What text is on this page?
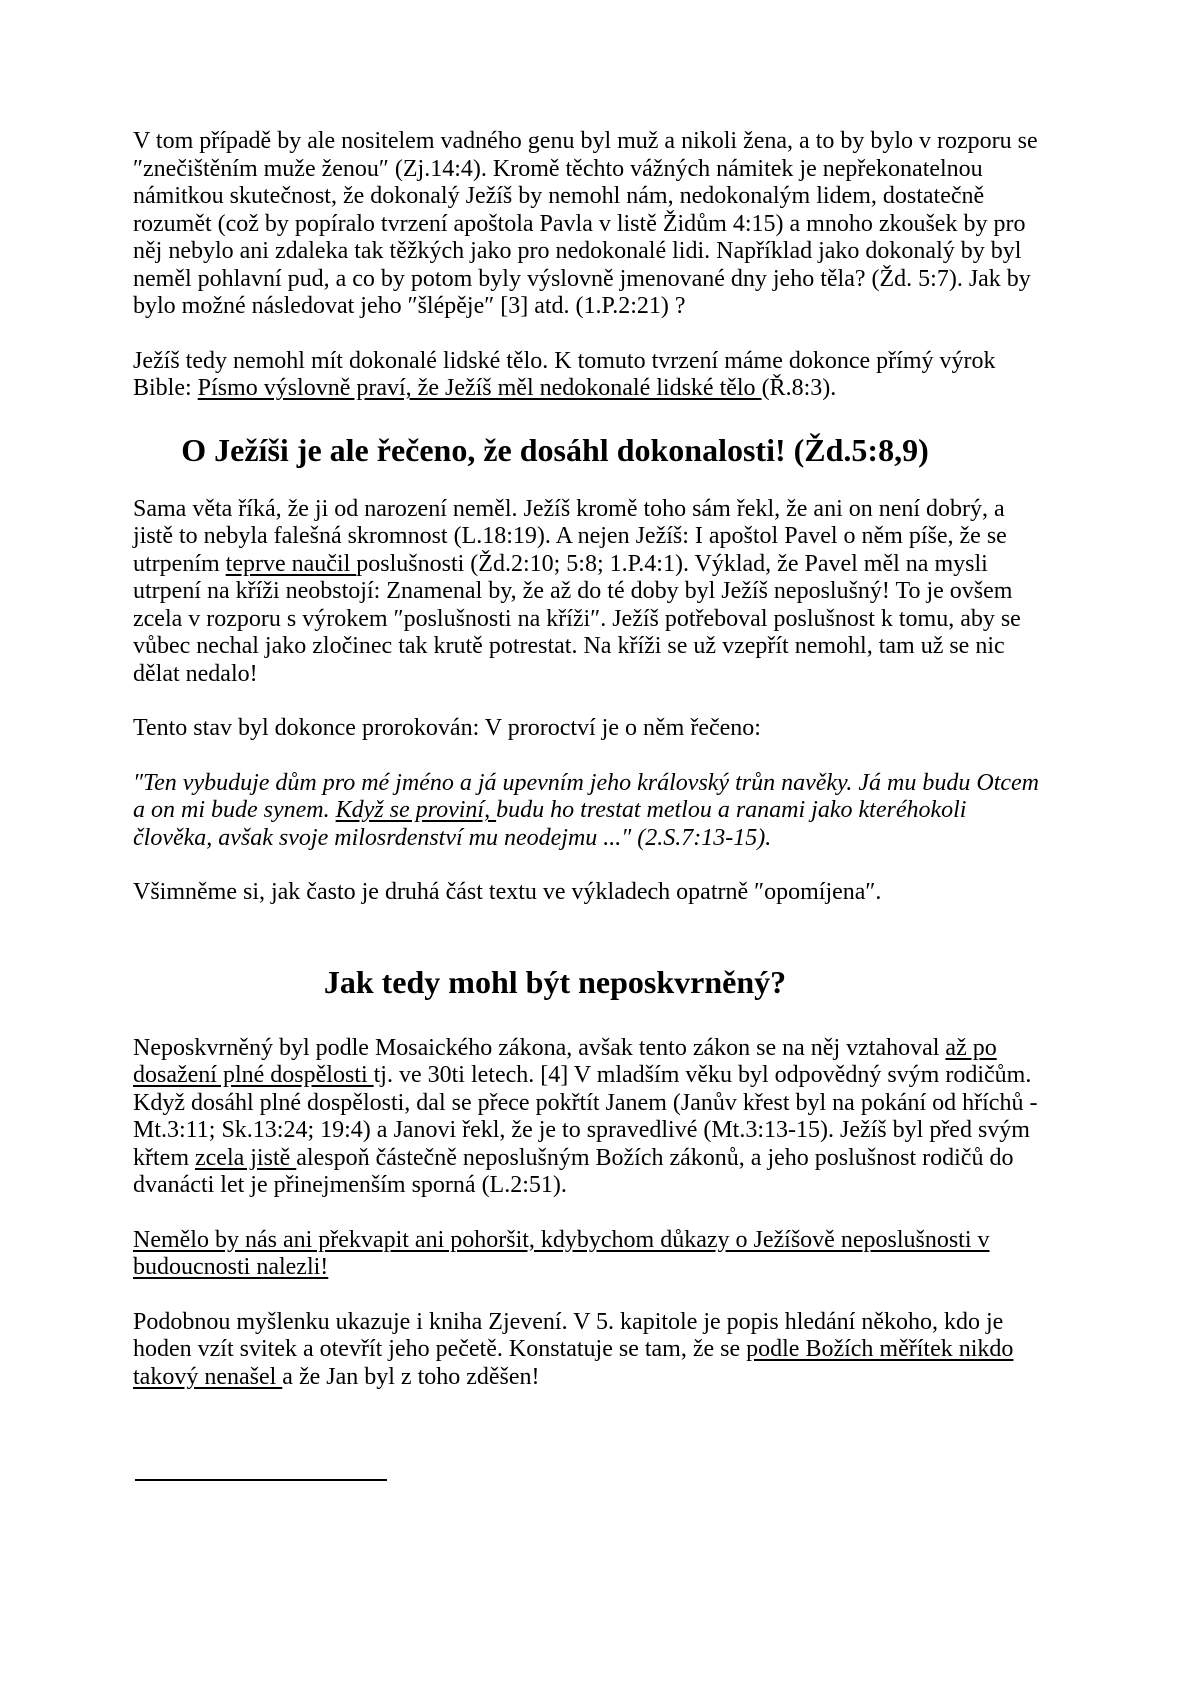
V tom případě by ale nositelem vadného genu byl muž a nikoli žena, a to by bylo v rozporu se ″znečištěním muže ženou″ (Zj.14:4). Kromě těchto vážných námitek je nepřekonatelnou námitkou skutečnost, že dokonalý Ježíš by nemohl nám, nedokonalým lidem, dostatečně rozumět (což by popíralo tvrzení apoštola Pavla v listě Židům 4:15) a mnoho zkoušek by pro něj nebylo ani zdaleka tak těžkých jako pro nedokonalé lidi. Například jako dokonalý by byl neměl pohlavní pud, a co by potom byly výslovně jmenované dny jeho těla? (Žd. 5:7). Jak by bylo možné následovat jeho ″šlépěje″ [3] atd. (1.P.2:21) ?

Ježíš tedy nemohl mít dokonalé lidské tělo. K tomuto tvrzení máme dokonce přímý výrok Bible: Písmo výslovně praví, že Ježíš měl nedokonalé lidské tělo (Ř.8:3).

O Ježíši je ale řečeno, že dosáhl dokonalosti! (Žd.5:8,9)

Sama věta říká, že ji od narození neměl. Ježíš kromě toho sám řekl, že ani on není dobrý, a jistě to nebyla falešná skromnost (L.18:19). A nejen Ježíš: I apoštol Pavel o něm píše, že se utrpením teprve naučil poslušnosti (Žd.2:10; 5:8; 1.P.4:1). Výklad, že Pavel měl na mysli utrpení na kříži neobstojí: Znamenal by, že až do té doby byl Ježíš neposlušný! To je ovšem zcela v rozporu s výrokem ″poslušnosti na kříži″. Ježíš potřeboval poslušnost k tomu, aby se vůbec nechal jako zločinec tak krutě potrestat. Na kříži se už vzepřít nemohl, tam už se nic dělat nedalo!

Tento stav byl dokonce prorokován: V proroctví je o něm řečeno:

″Ten vybuduje dům pro mé jméno a já upevním jeho královský trůn navěky. Já mu budu Otcem a on mi bude synem. Když se proviní, budu ho trestat metlou a ranami jako kteréhokoli člověka, avšak svoje milosrdenství mu neodejmu ...″ (2.S.7:13-15).

Všimněme si, jak často je druhá část textu ve výkladech opatrně ″opomíjena″.

Jak tedy mohl být neposkvrněný?

Neposkvrněný byl podle Mosaického zákona, avšak tento zákon se na něj vztahoval až po dosažení plné dospělosti tj. ve 30ti letech. [4] V mladším věku byl odpovědný svým rodičům. Když dosáhl plné dospělosti, dal se přece pokřtít Janem (Janův křest byl na pokání od hříchů - Mt.3:11; Sk.13:24; 19:4) a Janovi řekl, že je to spravedlivé (Mt.3:13-15). Ježíš byl před svým křtem zcela jistě alespoň částečně neposlušným Božích zákonů, a jeho poslušnost rodičů do dvanácti let je přinejmenším sporná (L.2:51).

Nemělo by nás ani překvapit ani pohoršit, kdybychom důkazy o Ježíšově neposlušnosti v budoucnosti nalezli!

Podobnou myšlenku ukazuje i kniha Zjevení. V 5. kapitole je popis hledání někoho, kdo je hoden vzít svitek a otevřít jeho pečetě. Konstatuje se tam, že se podle Božích měřítek nikdo takový nenašel a že Jan byl z toho zděšen!
